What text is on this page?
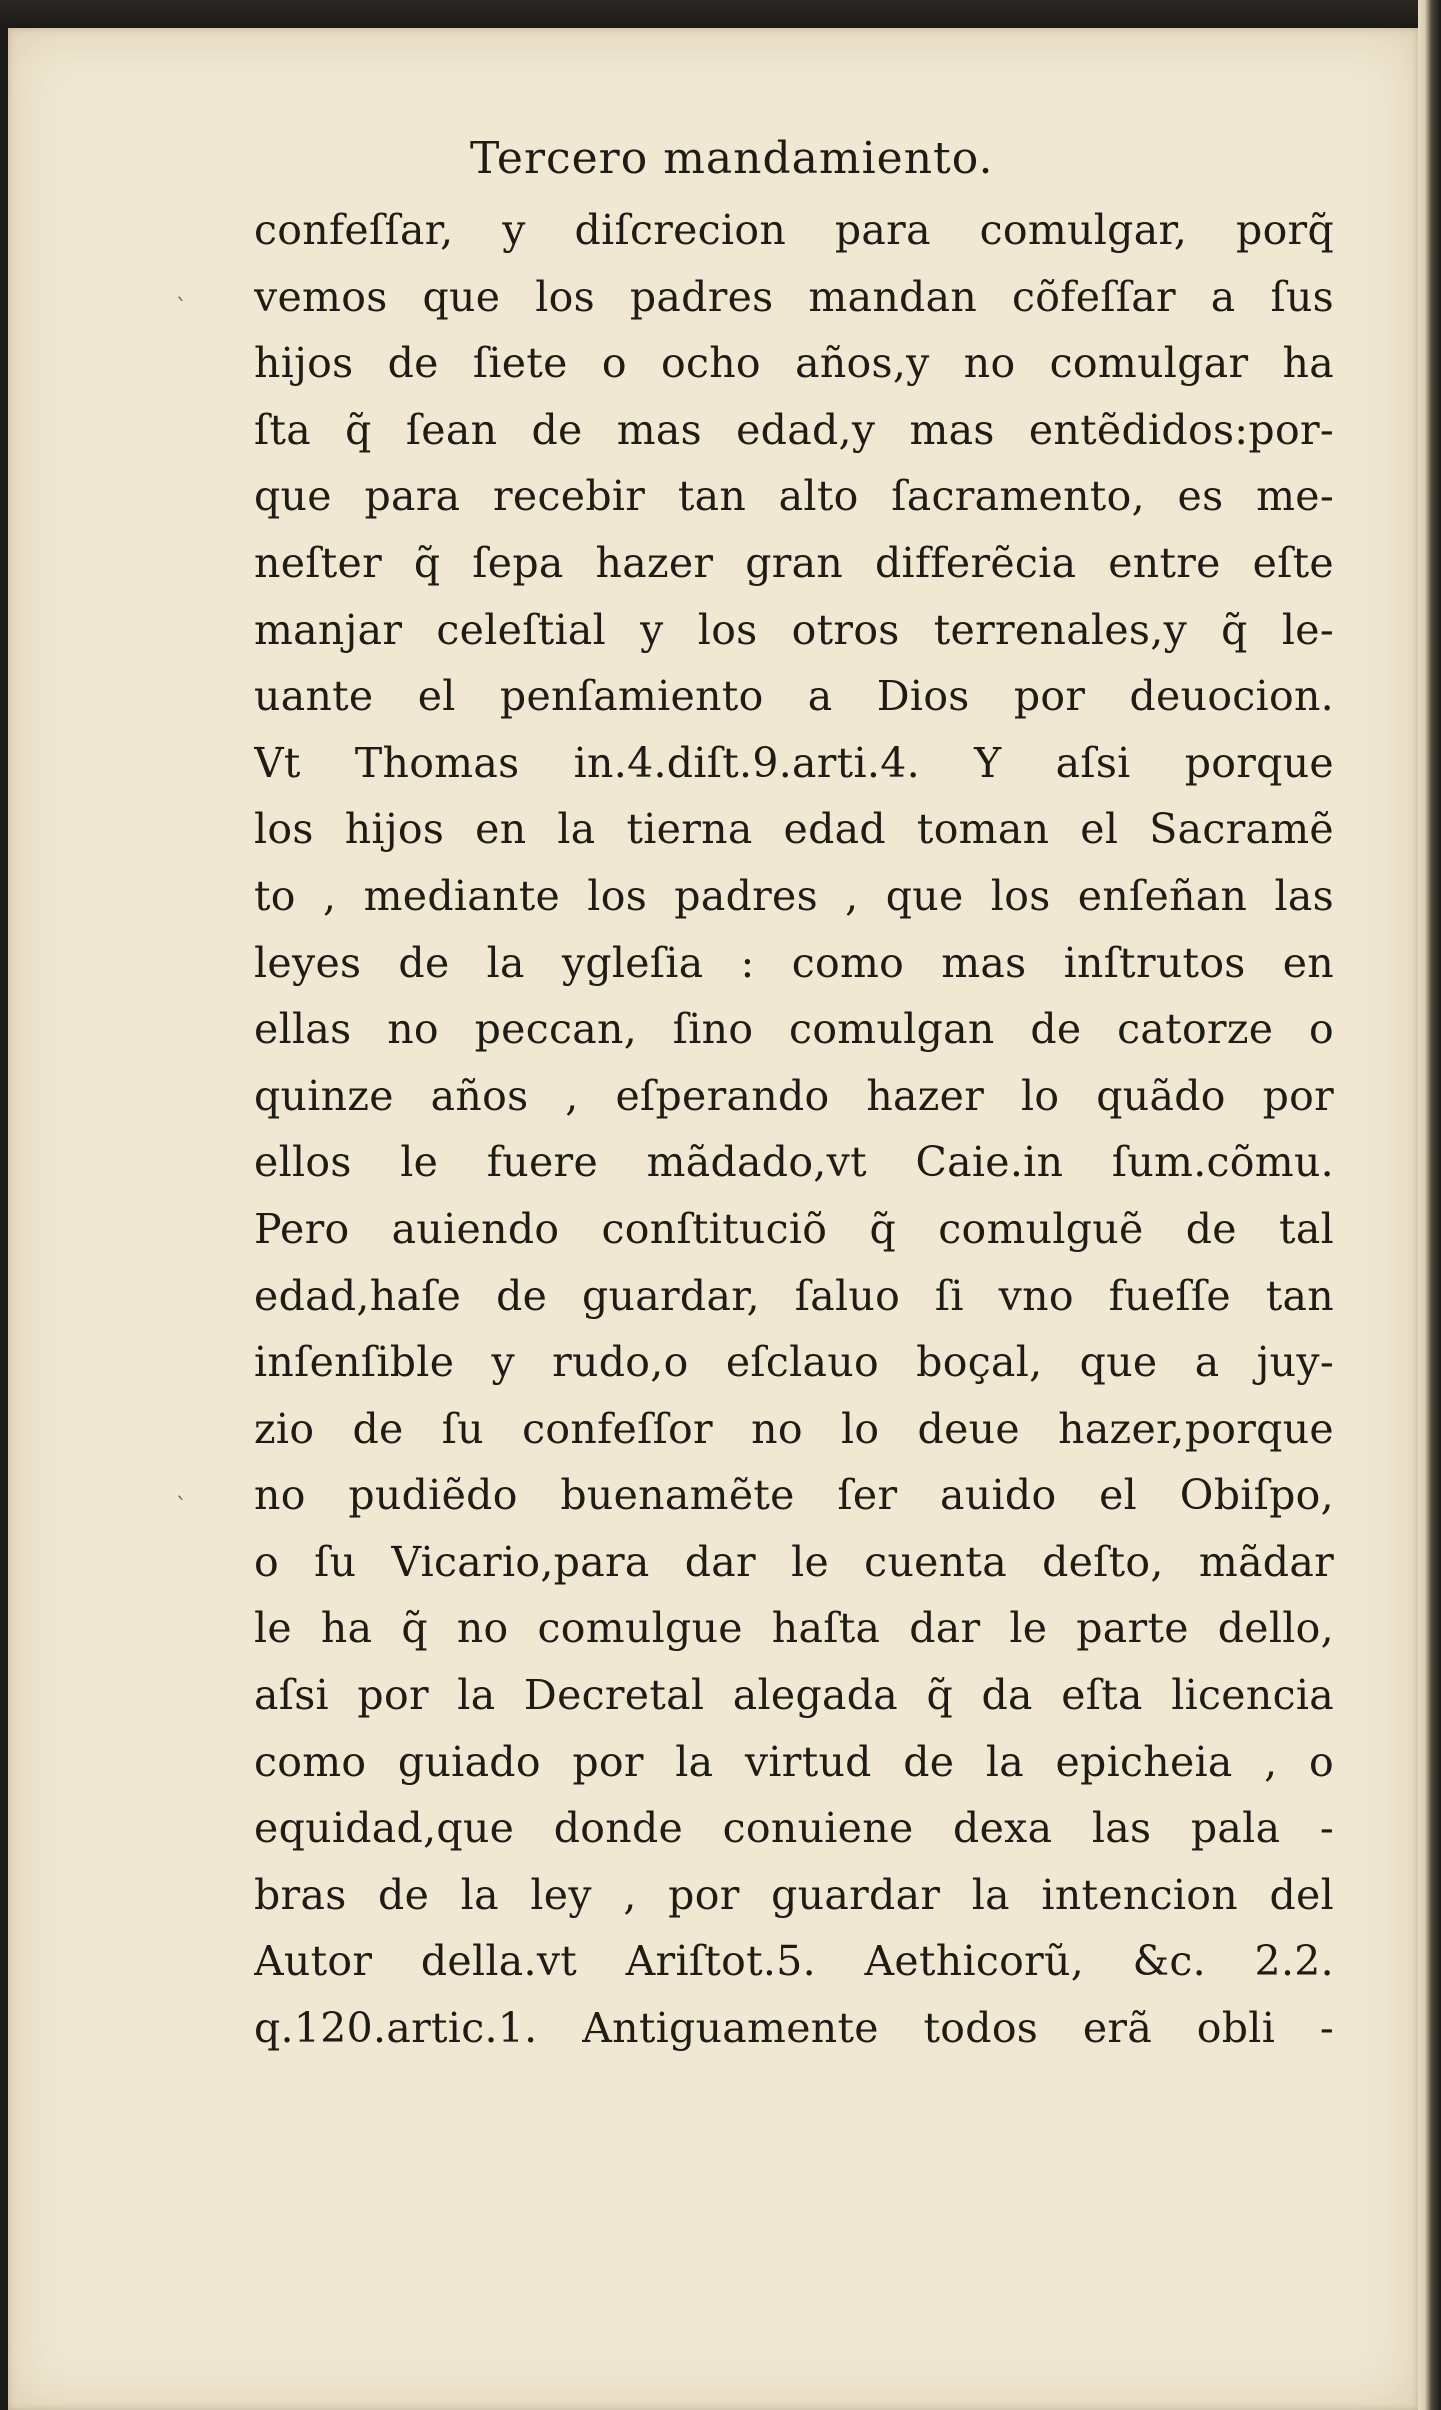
Tercero mandamiento.
`
`
confeſſar, y diſcrecion para comulgar, porq̃
vemos que los padres mandan cõfeſſar a ſus
hijos de ſiete o ocho años,y no comulgar ha
ſta q̃ ſean de mas edad,y mas entẽdidos:por-
que para recebir tan alto ſacramento, es me-
neſter q̃ ſepa hazer gran differẽcia entre eſte
manjar celeſtial y los otros terrenales,y q̃ le-
uante el penſamiento a Dios por deuocion.
Vt Thomas in.4.diſt.9.arti.4. Y aſsi porque
los hijos en la tierna edad toman el Sacramẽ
to , mediante los padres , que los enſeñan las
leyes de la ygleſia : como mas inſtrutos en
ellas no peccan, ſino comulgan de catorze o
quinze años , eſperando hazer lo quãdo por
ellos le fuere mãdado,vt Caie.in ſum.cõmu.
Pero auiendo conſtituciõ q̃ comulguẽ de tal
edad,haſe de guardar, ſaluo ſi vno fueſſe tan
inſenſible y rudo,o eſclauo boçal, que a juy-
zio de ſu confeſſor no lo deue hazer,porque
no pudiẽdo buenamẽte ſer auido el Obiſpo,
o ſu Vicario,para dar le cuenta deſto, mãdar
le ha q̃ no comulgue haſta dar le parte dello,
aſsi por la Decretal alegada q̃ da eſta licencia
como guiado por la virtud de la epicheia , o
equidad,que donde conuiene dexa las pala -
bras de la ley , por guardar la intencion del
Autor della.vt Ariſtot.5. Aethicorũ, &c. 2.2.
q.120.artic.1. Antiguamente todos erã obli -
